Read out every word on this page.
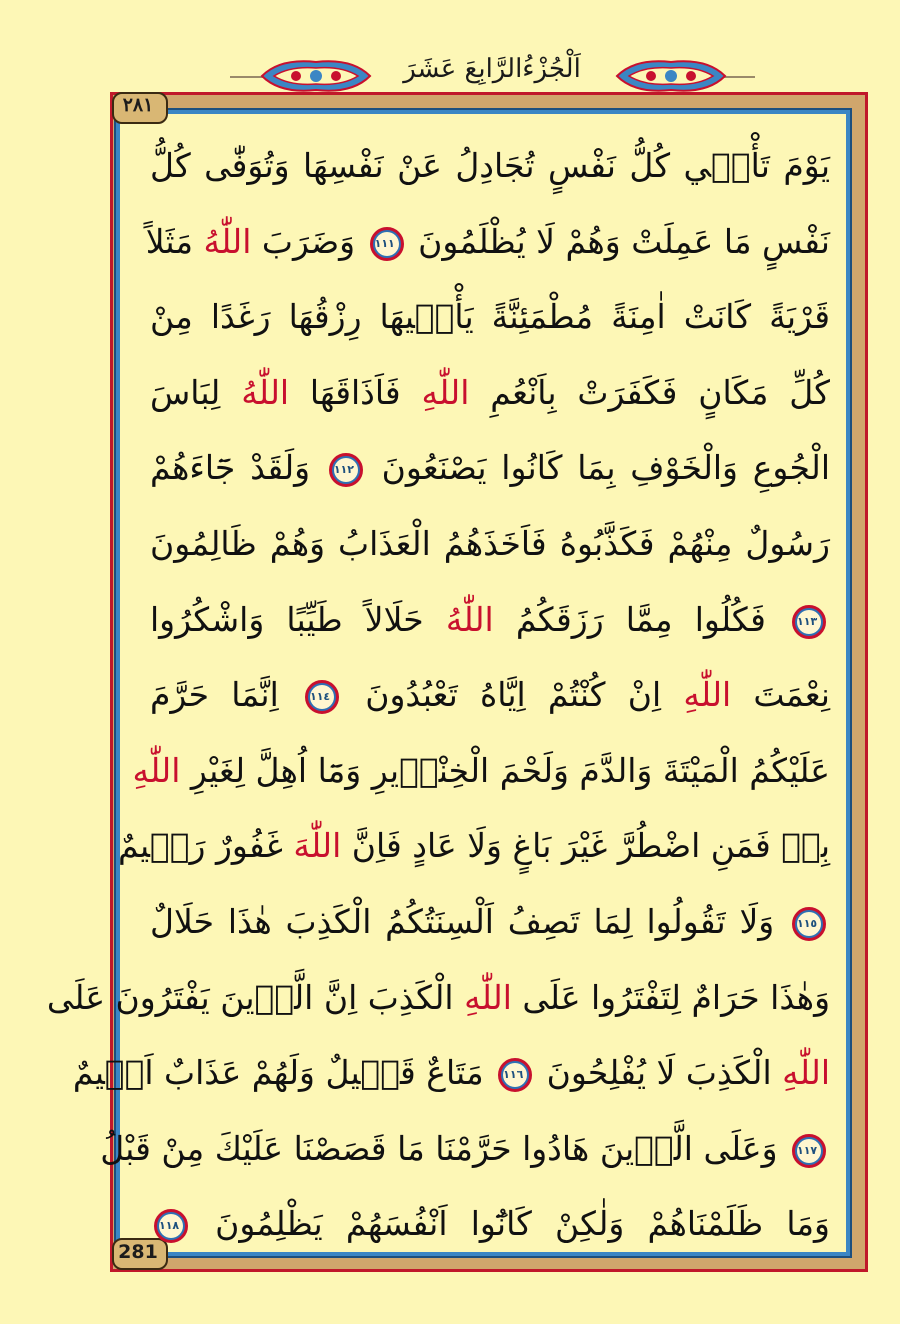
اَلْجُزْءُالرَّابِعَ عَشَرَ
٢٨١
281
يَوْمَ تَأْت۪ي كُلُّ نَفْسٍ تُجَادِلُ عَنْ نَفْسِهَا وَتُوَفّٰى كُلُّ
نَفْسٍ مَا عَمِلَتْ وَهُمْ لَا يُظْلَمُونَ
١١١
وَضَرَبَ اللّٰهُ مَثَلاً
قَرْيَةً كَانَتْ اٰمِنَةً مُطْمَئِنَّةً يَأْت۪يهَا رِزْقُهَا رَغَدًا مِنْ
كُلِّ مَكَانٍ فَكَفَرَتْ بِاَنْعُمِ اللّٰهِ فَاَذَاقَهَا اللّٰهُ لِبَاسَ
الْجُوعِ وَالْخَوْفِ بِمَا كَانُوا يَصْنَعُونَ
١١٢
وَلَقَدْ جَٓاءَهُمْ
رَسُولٌ مِنْهُمْ فَكَذَّبُوهُ فَاَخَذَهُمُ الْعَذَابُ وَهُمْ ظَالِمُونَ
١١٣
فَكُلُوا مِمَّا رَزَقَكُمُ اللّٰهُ حَلَالاً طَيِّبًا وَاشْكُرُوا
نِعْمَتَ اللّٰهِ اِنْ كُنْتُمْ اِيَّاهُ تَعْبُدُونَ
١١٤
اِنَّمَا حَرَّمَ
عَلَيْكُمُ الْمَيْتَةَ وَالدَّمَ وَلَحْمَ الْخِنْز۪يرِ وَمَٓا اُهِلَّ لِغَيْرِ اللّٰهِ
بِه۪ فَمَنِ اضْطُرَّ غَيْرَ بَاغٍ وَلَا عَادٍ فَاِنَّ اللّٰهَ غَفُورٌ رَح۪يمٌ
١١٥
وَلَا تَقُولُوا لِمَا تَصِفُ اَلْسِنَتُكُمُ الْكَذِبَ هٰذَا حَلَالٌ
وَهٰذَا حَرَامٌ لِتَفْتَرُوا عَلَى اللّٰهِ الْكَذِبَ اِنَّ الَّذ۪ينَ يَفْتَرُونَ عَلَى
اللّٰهِ الْكَذِبَ لَا يُفْلِحُونَ
١١٦
مَتَاعٌ قَل۪يلٌ وَلَهُمْ عَذَابٌ اَل۪يمٌ
١١٧
وَعَلَى الَّذ۪ينَ هَادُوا حَرَّمْنَا مَا قَصَصْنَا عَلَيْكَ مِنْ قَبْلُ
وَمَا ظَلَمْنَاهُمْ وَلٰكِنْ كَانُٓوا اَنْفُسَهُمْ يَظْلِمُونَ
١١٨
